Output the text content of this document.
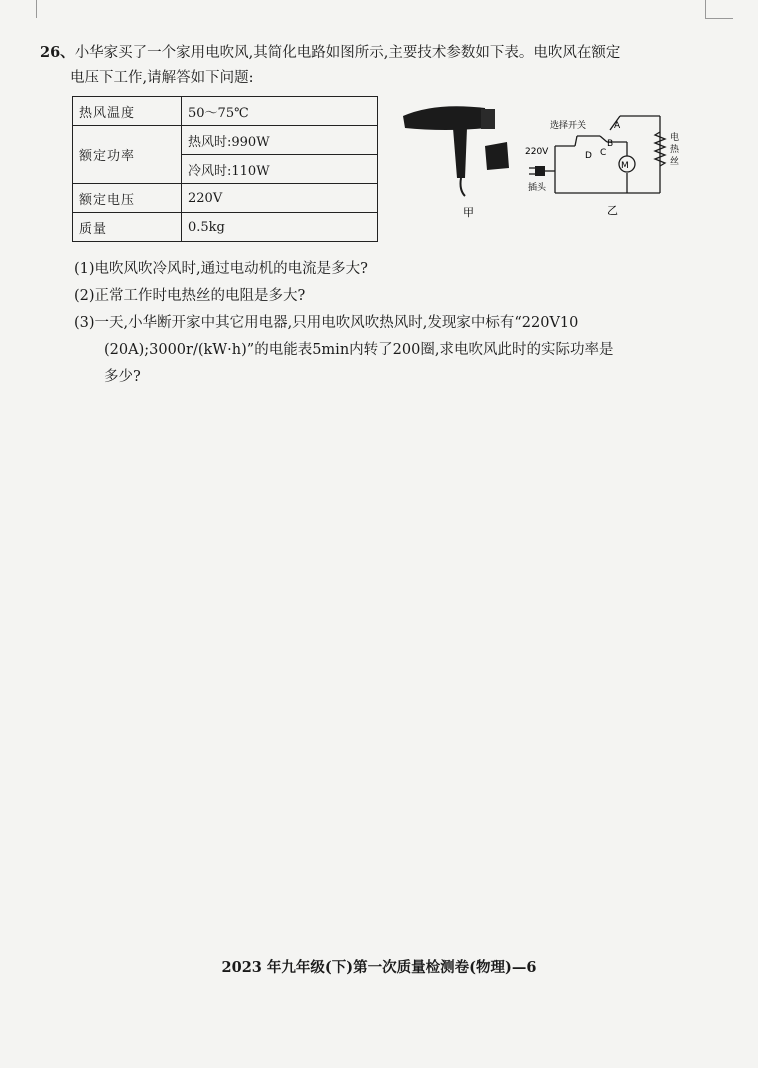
26、小华家买了一个家用电吹风,其简化电路如图所示,主要技术参数如下表。电吹风在额定
电压下工作,请解答如下问题:
热风温度	50～75℃
额定功率	热风时:990W
	冷风时:110W
额定电压	220V
质量	0.5kg
甲
M
选择开关	A
B
C
D
220V
插头
电
热
丝
乙
(1)电吹风吹冷风时,通过电动机的电流是多大?
(2)正常工作时电热丝的电阻是多大?
(3)一天,小华断开家中其它用电器,只用电吹风吹热风时,发现家中标有“220V10
(20A);3000r/(kW·h)”的电能表5min内转了200圈,求电吹风此时的实际功率是
多少?
2023 年九年级(下)第一次质量检测卷(物理)—6
